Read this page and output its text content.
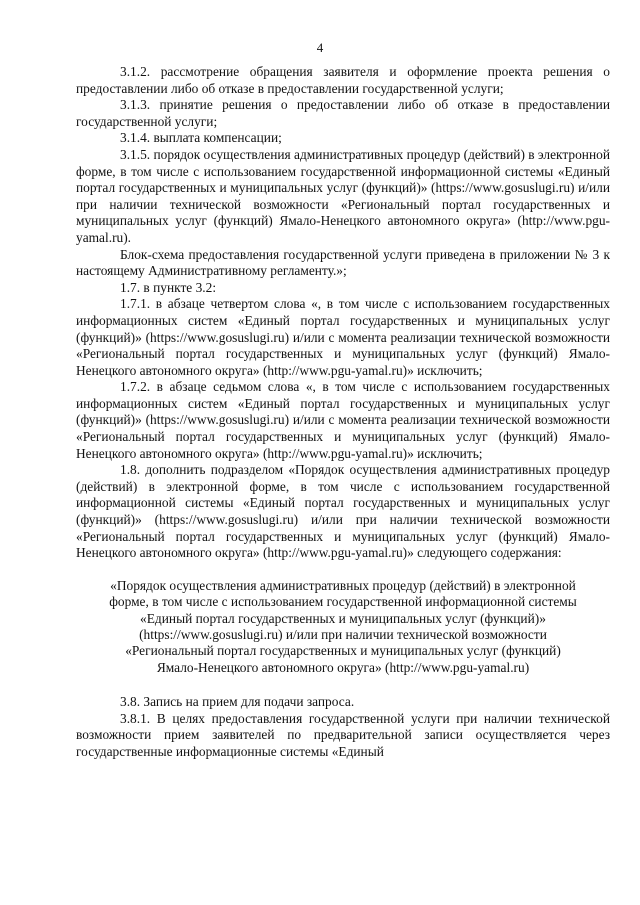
4

3.1.2. рассмотрение обращения заявителя и оформление проекта решения о предоставлении либо об отказе в предоставлении государственной услуги;

3.1.3. принятие решения о предоставлении либо об отказе в предоставлении государственной услуги;

3.1.4. выплата компенсации;

3.1.5. порядок осуществления административных процедур (действий) в электронной форме, в том числе с использованием государственной информационной системы «Единый портал государственных и муниципальных услуг (функций)» (https://www.gosuslugi.ru) и/или при наличии технической возможности «Региональный портал государственных и муниципальных услуг (функций) Ямало-Ненецкого автономного округа» (http://www.pgu-yamal.ru).

Блок-схема предоставления государственной услуги приведена в приложении № 3 к настоящему Административному регламенту.»;

1.7. в пункте 3.2:

1.7.1. в абзаце четвертом слова «, в том числе с использованием государственных информационных систем «Единый портал государственных и муниципальных услуг (функций)» (https://www.gosuslugi.ru) и/или с момента реализации технической возможности «Региональный портал государственных и муниципальных услуг (функций) Ямало-Ненецкого автономного округа» (http://www.pgu-yamal.ru)» исключить;

1.7.2. в абзаце седьмом слова «, в том числе с использованием государственных информационных систем «Единый портал государственных и муниципальных услуг (функций)» (https://www.gosuslugi.ru) и/или с момента реализации технической возможности «Региональный портал государственных и муниципальных услуг (функций) Ямало-Ненецкого автономного округа» (http://www.pgu-yamal.ru)» исключить;

1.8. дополнить подразделом «Порядок осуществления административных процедур (действий) в электронной форме, в том числе с использованием государственной информационной системы «Единый портал государственных и муниципальных услуг (функций)» (https://www.gosuslugi.ru) и/или при наличии технической возможности «Региональный портал государственных и муниципальных услуг (функций) Ямало-Ненецкого автономного округа» (http://www.pgu-yamal.ru)» следующего содержания:

«Порядок осуществления административных процедур (действий) в электронной форме, в том числе с использованием государственной информационной системы «Единый портал государственных и муниципальных услуг (функций)» (https://www.gosuslugi.ru) и/или при наличии технической возможности «Региональный портал государственных и муниципальных услуг (функций) Ямало-Ненецкого автономного округа» (http://www.pgu-yamal.ru)

3.8. Запись на прием для подачи запроса.

3.8.1. В целях предоставления государственной услуги при наличии технической возможности прием заявителей по предварительной записи осуществляется через государственные информационные системы «Единый
